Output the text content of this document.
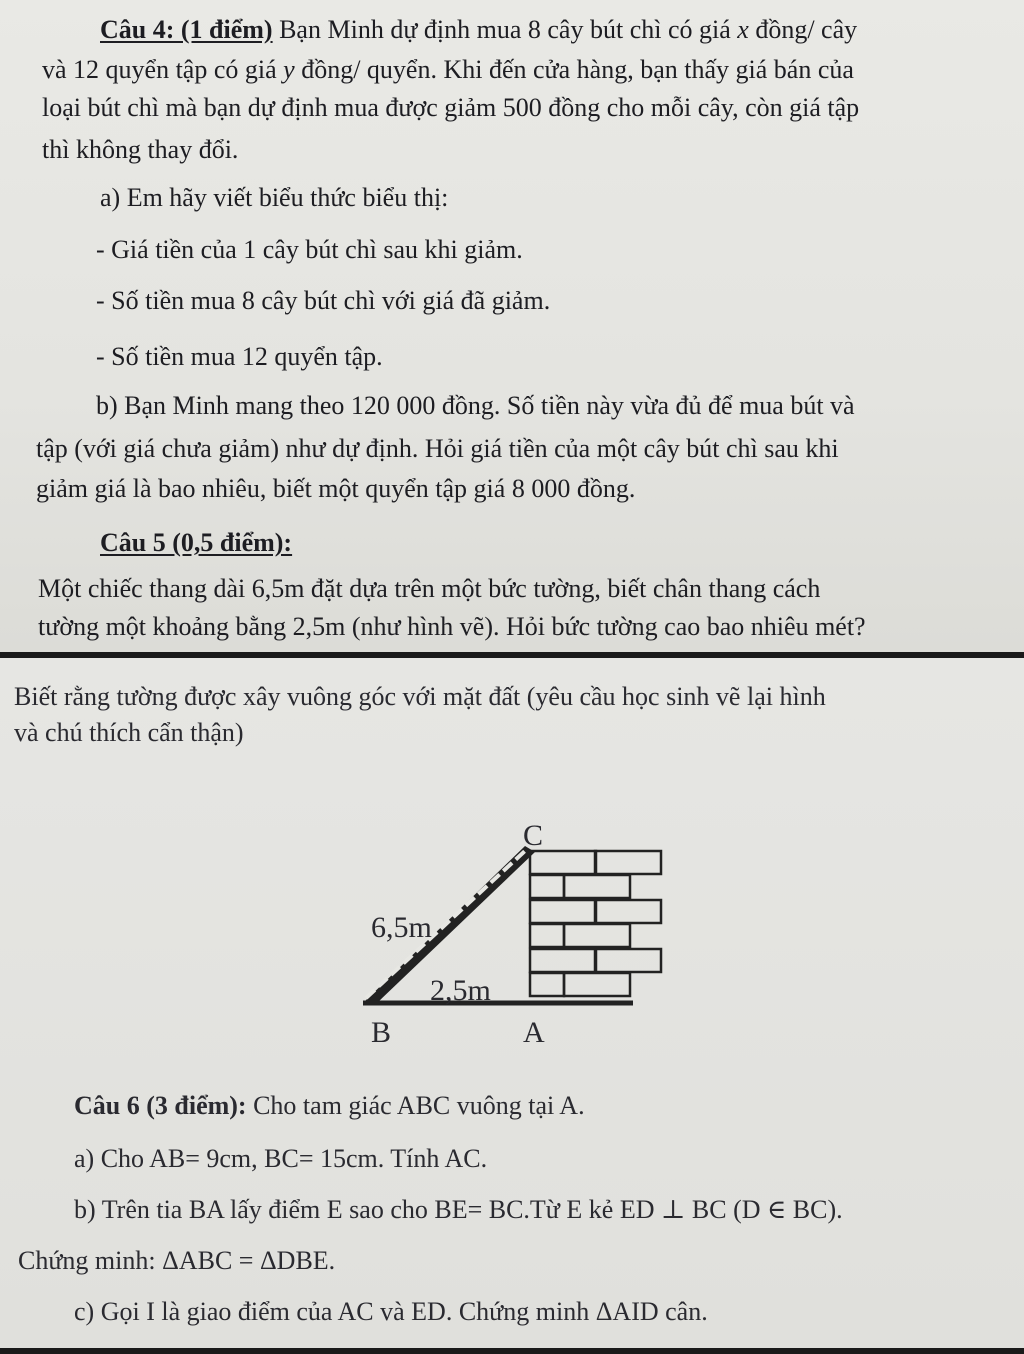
Câu 4: (1 điểm) Bạn Minh dự định mua 8 cây bút chì có giá x đồng/ cây
và 12 quyển tập có giá y đồng/ quyển. Khi đến cửa hàng, bạn thấy giá bán của
loại bút chì mà bạn dự định mua được giảm 500 đồng cho mỗi cây, còn giá tập
thì không thay đổi.
a) Em hãy viết biểu thức biểu thị:
- Giá tiền của 1 cây bút chì sau khi giảm.
- Số tiền mua 8 cây bút chì với giá đã giảm.
- Số tiền mua 12 quyển tập.
b) Bạn Minh mang theo 120 000 đồng. Số tiền này vừa đủ để mua bút và
tập (với giá chưa giảm) như dự định. Hỏi giá tiền của một cây bút chì sau khi
giảm giá là bao nhiêu, biết một quyển tập giá 8 000 đồng.
Câu 5 (0,5 điểm):
Một chiếc thang dài 6,5m đặt dựa trên một bức tường, biết chân thang cách
tường một khoảng bằng 2,5m (như hình vẽ). Hỏi bức tường cao bao nhiêu mét?
Biết rằng tường được xây vuông góc với mặt đất (yêu cầu học sinh vẽ lại hình
và chú thích cẩn thận)
C
6,5m
2,5m
B	A
Câu 6 (3 điểm): Cho tam giác ABC vuông tại A.
a) Cho AB= 9cm, BC= 15cm. Tính AC.
b) Trên tia BA lấy điểm E sao cho BE= BC.Từ E kẻ ED ⊥ BC (D ∈ BC).
Chứng minh: ΔABC = ΔDBE.
c) Gọi I là giao điểm của AC và ED. Chứng minh ΔAID cân.
